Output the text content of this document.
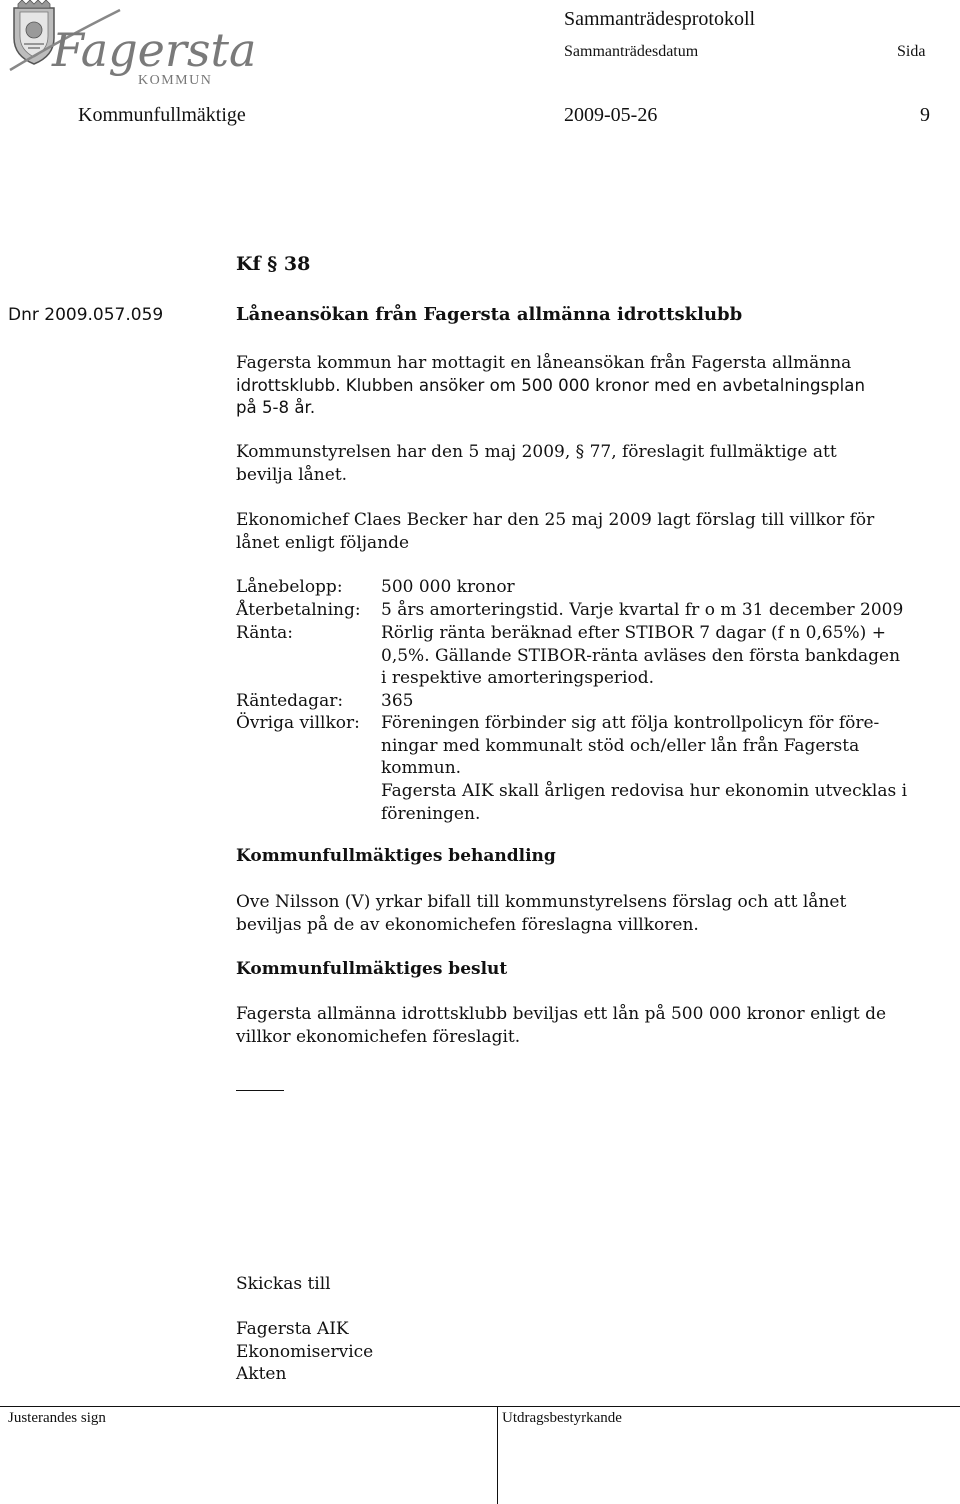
Fagersta
KOMMUN
Sammanträdesprotokoll
Sammanträdesdatum	Sida
Kommunfullmäktige	2009-05-26	9
Kf § 38
Dnr 2009.057.059	Låneansökan från Fagersta allmänna idrottsklubb

Fagersta kommun har mottagit en låneansökan från Fagersta allmänna
idrottsklubb. Klubben ansöker om 500 000 kronor med en avbetalningsplan
på 5-8 år.

Kommunstyrelsen har den 5 maj 2009, § 77, föreslagit fullmäktige att
bevilja lånet.

Ekonomichef Claes Becker har den 25 maj 2009 lagt förslag till villkor för
lånet enligt följande

Lånebelopp: 500 000 kronor
Återbetalning: 5 års amorteringstid. Varje kvartal fr o m 31 december 2009
Ränta:	Rörlig ränta beräknad efter STIBOR 7 dagar (f n 0,65%) +
0,5%. Gällande STIBOR-ränta avläses den första bankdagen
i respektive amorteringsperiod.
Räntedagar: 365
Övriga villkor: Föreningen förbinder sig att följa kontrollpolicyn för före-
ningar med kommunalt stöd och/eller lån från Fagersta
kommun.
Fagersta AIK skall årligen redovisa hur ekonomin utvecklas i
föreningen.
Kommunfullmäktiges behandling

Ove Nilsson (V) yrkar bifall till kommunstyrelsens förslag och att lånet
beviljas på de av ekonomichefen föreslagna villkoren.

Kommunfullmäktiges beslut

Fagersta allmänna idrottsklubb beviljas ett lån på 500 000 kronor enligt de
villkor ekonomichefen föreslagit.

Skickas till

Fagersta AIK
Ekonomiservice
Akten

Justerandes sign	Utdragsbestyrkande
